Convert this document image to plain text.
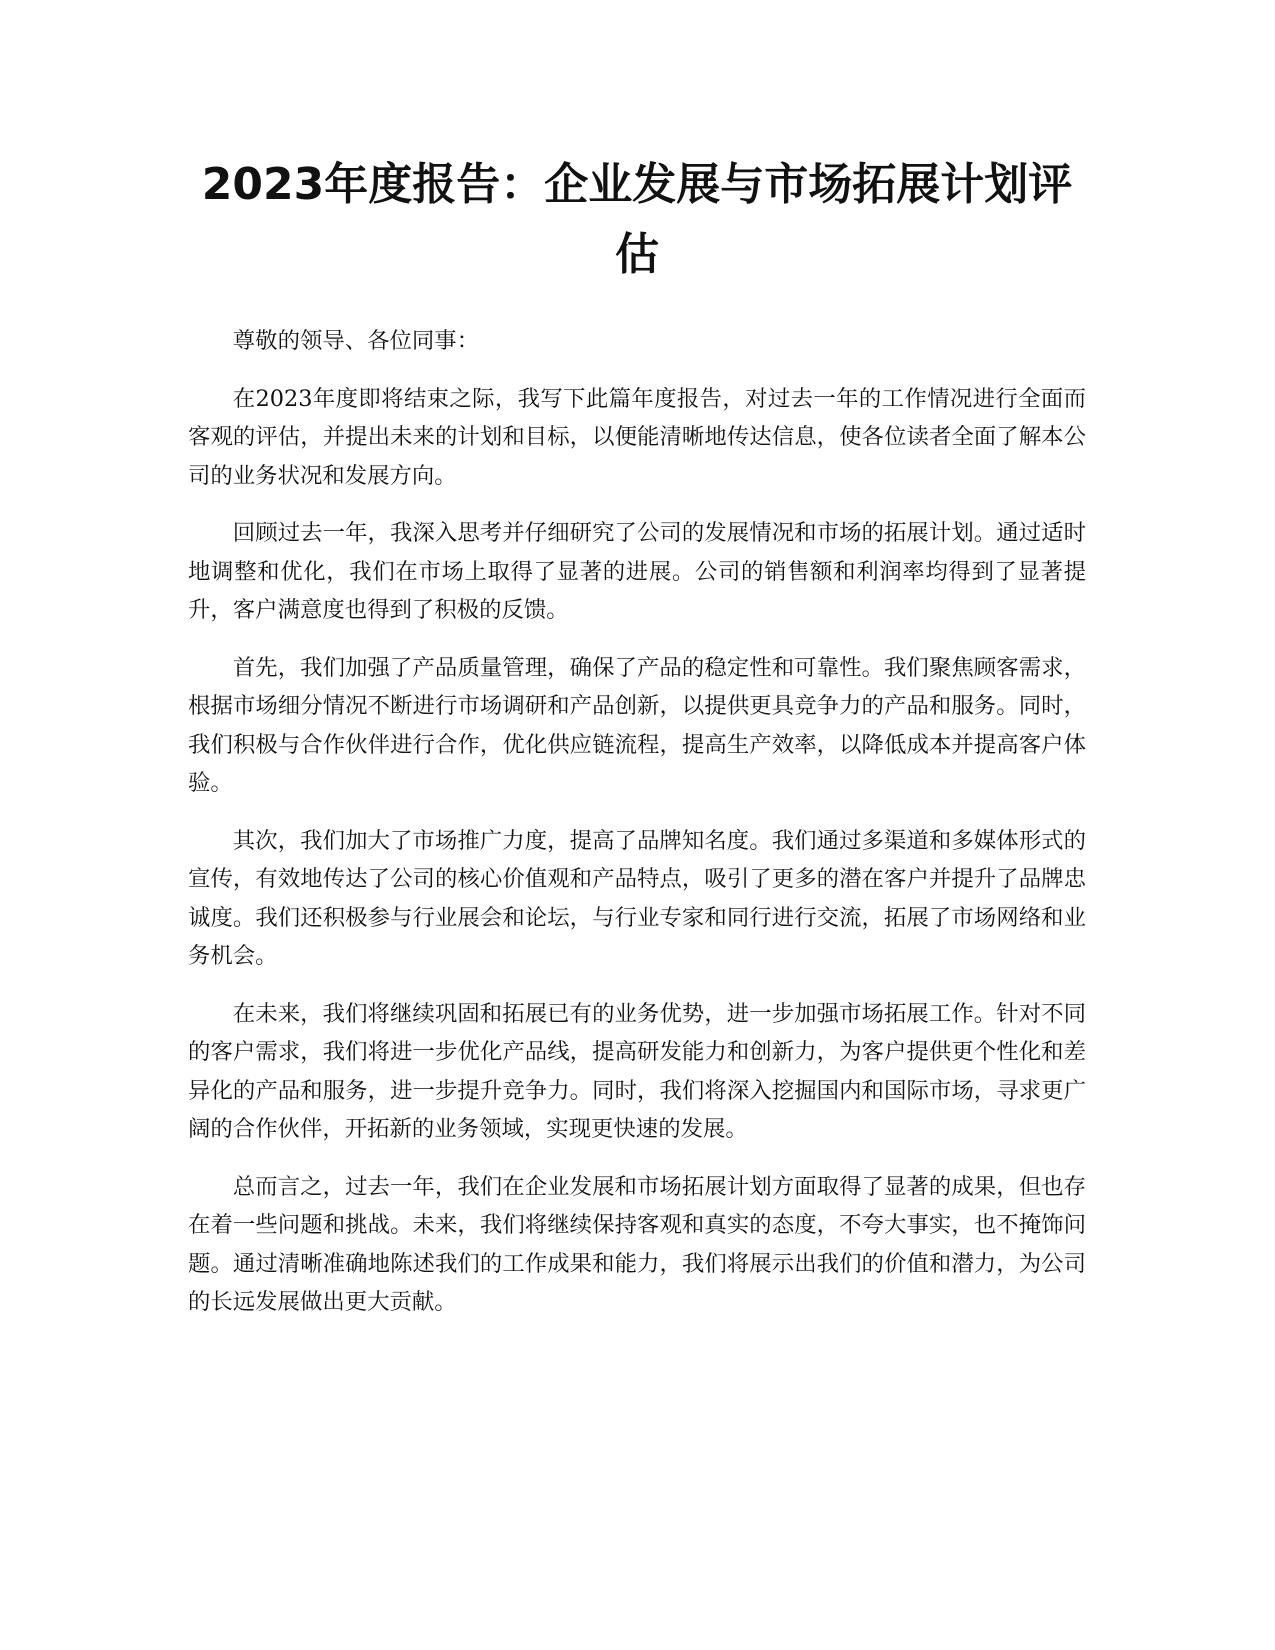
2023年度报告：企业发展与市场拓展计划评估

尊敬的领导、各位同事：

在2023年度即将结束之际，我写下此篇年度报告，对过去一年的工作情况进行全面而客观的评估，并提出未来的计划和目标，以便能清晰地传达信息，使各位读者全面了解本公司的业务状况和发展方向。

回顾过去一年，我深入思考并仔细研究了公司的发展情况和市场的拓展计划。通过适时地调整和优化，我们在市场上取得了显著的进展。公司的销售额和利润率均得到了显著提升，客户满意度也得到了积极的反馈。

首先，我们加强了产品质量管理，确保了产品的稳定性和可靠性。我们聚焦顾客需求，根据市场细分情况不断进行市场调研和产品创新，以提供更具竞争力的产品和服务。同时，我们积极与合作伙伴进行合作，优化供应链流程，提高生产效率，以降低成本并提高客户体验。

其次，我们加大了市场推广力度，提高了品牌知名度。我们通过多渠道和多媒体形式的宣传，有效地传达了公司的核心价值观和产品特点，吸引了更多的潜在客户并提升了品牌忠诚度。我们还积极参与行业展会和论坛，与行业专家和同行进行交流，拓展了市场网络和业务机会。

在未来，我们将继续巩固和拓展已有的业务优势，进一步加强市场拓展工作。针对不同的客户需求，我们将进一步优化产品线，提高研发能力和创新力，为客户提供更个性化和差异化的产品和服务，进一步提升竞争力。同时，我们将深入挖掘国内和国际市场，寻求更广阔的合作伙伴，开拓新的业务领域，实现更快速的发展。

总而言之，过去一年，我们在企业发展和市场拓展计划方面取得了显著的成果，但也存在着一些问题和挑战。未来，我们将继续保持客观和真实的态度，不夸大事实，也不掩饰问题。通过清晰准确地陈述我们的工作成果和能力，我们将展示出我们的价值和潜力，为公司的长远发展做出更大贡献。
